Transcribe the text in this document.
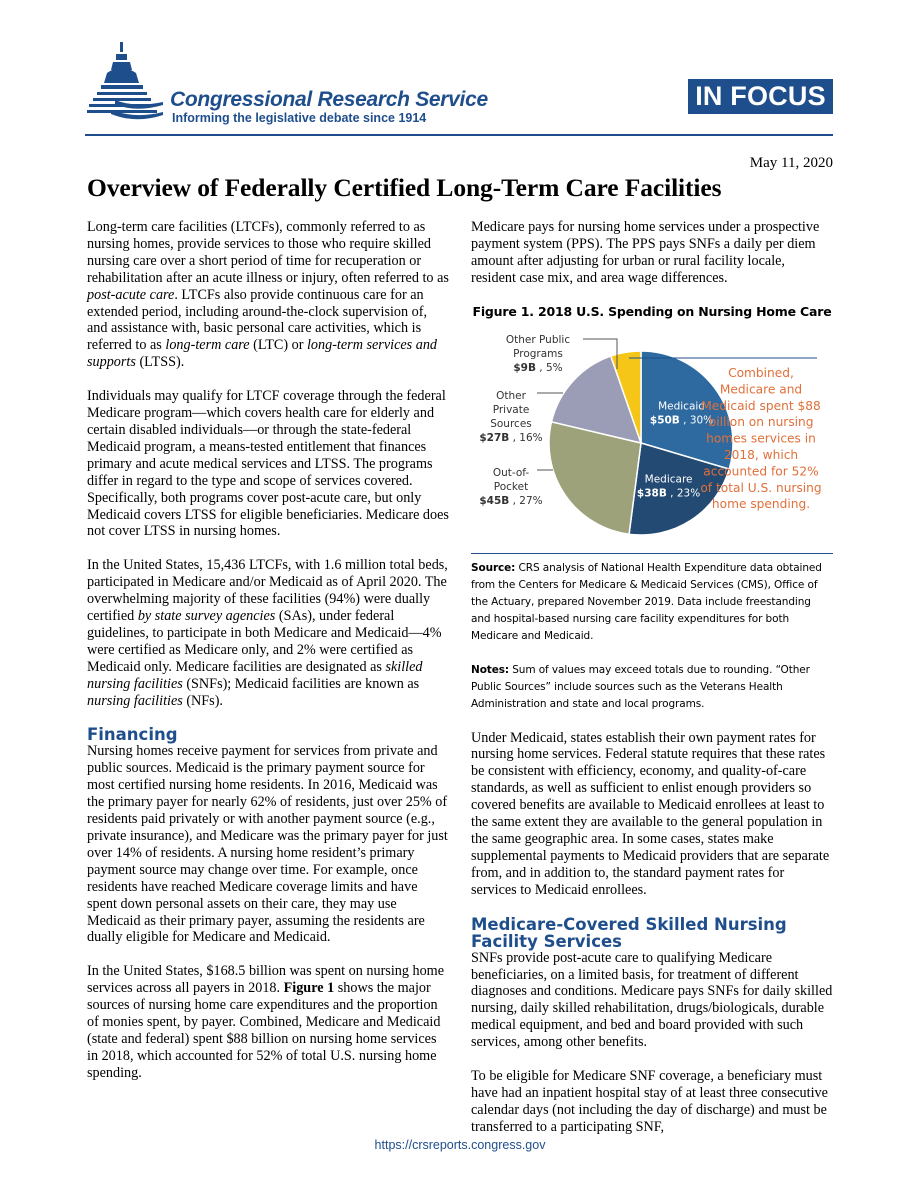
Congressional Research Service
Informing the legislative debate since 1914
IN FOCUS
May 11, 2020
Overview of Federally Certified Long-Term Care Facilities

Long-term care facilities (LTCFs), commonly referred to as nursing homes, provide services to those who require skilled nursing care over a short period of time for recuperation or rehabilitation after an acute illness or injury, often referred to as post-acute care. LTCFs also provide continuous care for an extended period, including around-the-clock supervision of, and assistance with, basic personal care activities, which is referred to as long-term care (LTC) or long-term services and supports (LTSS).

Individuals may qualify for LTCF coverage through the federal Medicare program—which covers health care for elderly and certain disabled individuals—or through the state-federal Medicaid program, a means-tested entitlement that finances primary and acute medical services and LTSS. The programs differ in regard to the type and scope of services covered. Specifically, both programs cover post-acute care, but only Medicaid covers LTSS for eligible beneficiaries. Medicare does not cover LTSS in nursing homes.

In the United States, 15,436 LTCFs, with 1.6 million total beds, participated in Medicare and/or Medicaid as of April 2020. The overwhelming majority of these facilities (94%) were dually certified by state survey agencies (SAs), under federal guidelines, to participate in both Medicare and Medicaid—4% were certified as Medicare only, and 2% were certified as Medicaid only. Medicare facilities are designated as skilled nursing facilities (SNFs); Medicaid facilities are known as nursing facilities (NFs).

Financing

Nursing homes receive payment for services from private and public sources. Medicaid is the primary payment source for most certified nursing home residents. In 2016, Medicaid was the primary payer for nearly 62% of residents, just over 25% of residents paid privately or with another payment source (e.g., private insurance), and Medicare was the primary payer for just over 14% of residents. A nursing home resident’s primary payment source may change over time. For example, once residents have reached Medicare coverage limits and have spent down personal assets on their care, they may use Medicaid as their primary payer, assuming the residents are dually eligible for Medicare and Medicaid.

In the United States, $168.5 billion was spent on nursing home services across all payers in 2018. Figure 1 shows the major sources of nursing home care expenditures and the proportion of monies spent, by payer. Combined, Medicare and Medicaid (state and federal) spent $88 billion on nursing home services in 2018, which accounted for 52% of total U.S. nursing home spending.

Medicare pays for nursing home services under a prospective payment system (PPS). The PPS pays SNFs a daily per diem amount after adjusting for urban or rural facility locale, resident case mix, and area wage differences.

Figure 1. 2018 U.S. Spending on Nursing Home Care
Medicaid
$50B , 30%
Medicare
$38B , 23%
Other Public
Programs
$9B , 5%
Other
Private
Sources
$27B , 16%
Out-of-
Pocket
$45B , 27%
Combined,
Medicare and
Medicaid spent $88
billion on nursing
homes services in
2018, which
accounted for 52%
of total U.S. nursing
home spending.

Source: CRS analysis of National Health Expenditure data obtained from the Centers for Medicare & Medicaid Services (CMS), Office of the Actuary, prepared November 2019. Data include freestanding and hospital-based nursing care facility expenditures for both Medicare and Medicaid.

Notes: Sum of values may exceed totals due to rounding. “Other Public Sources” include sources such as the Veterans Health Administration and state and local programs.

Under Medicaid, states establish their own payment rates for nursing home services. Federal statute requires that these rates be consistent with efficiency, economy, and quality-of-care standards, as well as sufficient to enlist enough providers so covered benefits are available to Medicaid enrollees at least to the same extent they are available to the general population in the same geographic area. In some cases, states make supplemental payments to Medicaid providers that are separate from, and in addition to, the standard payment rates for services to Medicaid enrollees.

Medicare-Covered Skilled Nursing Facility Services

SNFs provide post-acute care to qualifying Medicare beneficiaries, on a limited basis, for treatment of different diagnoses and conditions. Medicare pays SNFs for daily skilled nursing, daily skilled rehabilitation, drugs/biologicals, durable medical equipment, and bed and board provided with such services, among other benefits.

To be eligible for Medicare SNF coverage, a beneficiary must have had an inpatient hospital stay of at least three consecutive calendar days (not including the day of discharge) and must be transferred to a participating SNF,

https://crsreports.congress.gov
